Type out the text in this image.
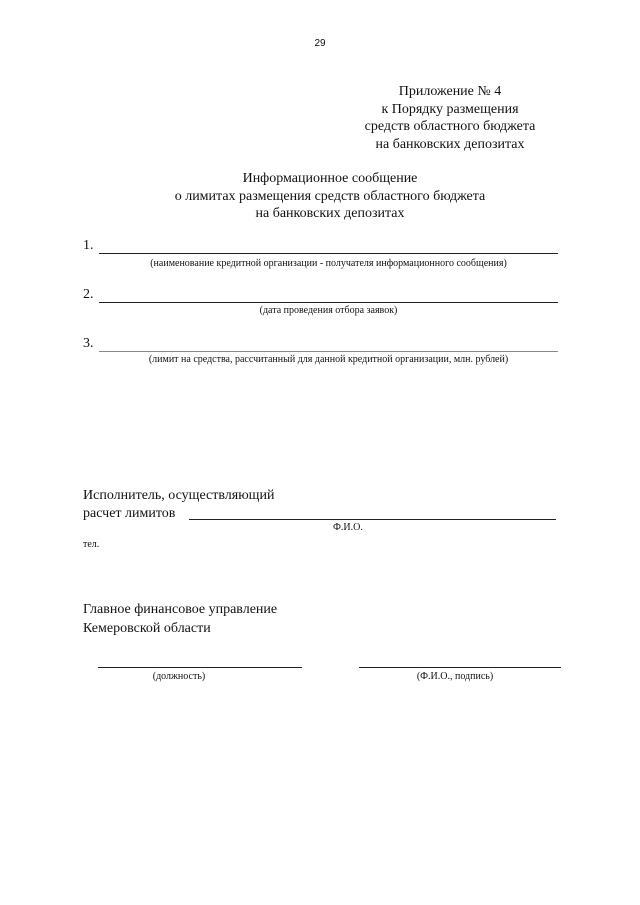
29
Приложение № 4
к Порядку размещения
средств областного бюджета
на банковских депозитах
Информационное сообщение
о лимитах размещения средств областного бюджета
на банковских депозитах
1.
(наименование кредитной организации - получателя информационного сообщения)
2.
(дата проведения отбора заявок)
3.
(лимит на средства, рассчитанный для данной кредитной организации, млн. рублей)
Исполнитель, осуществляющий
расчет лимитов
Ф.И.О.
тел.
Главное финансовое управление
Кемеровской области
(должность)	(Ф.И.О., подпись)
